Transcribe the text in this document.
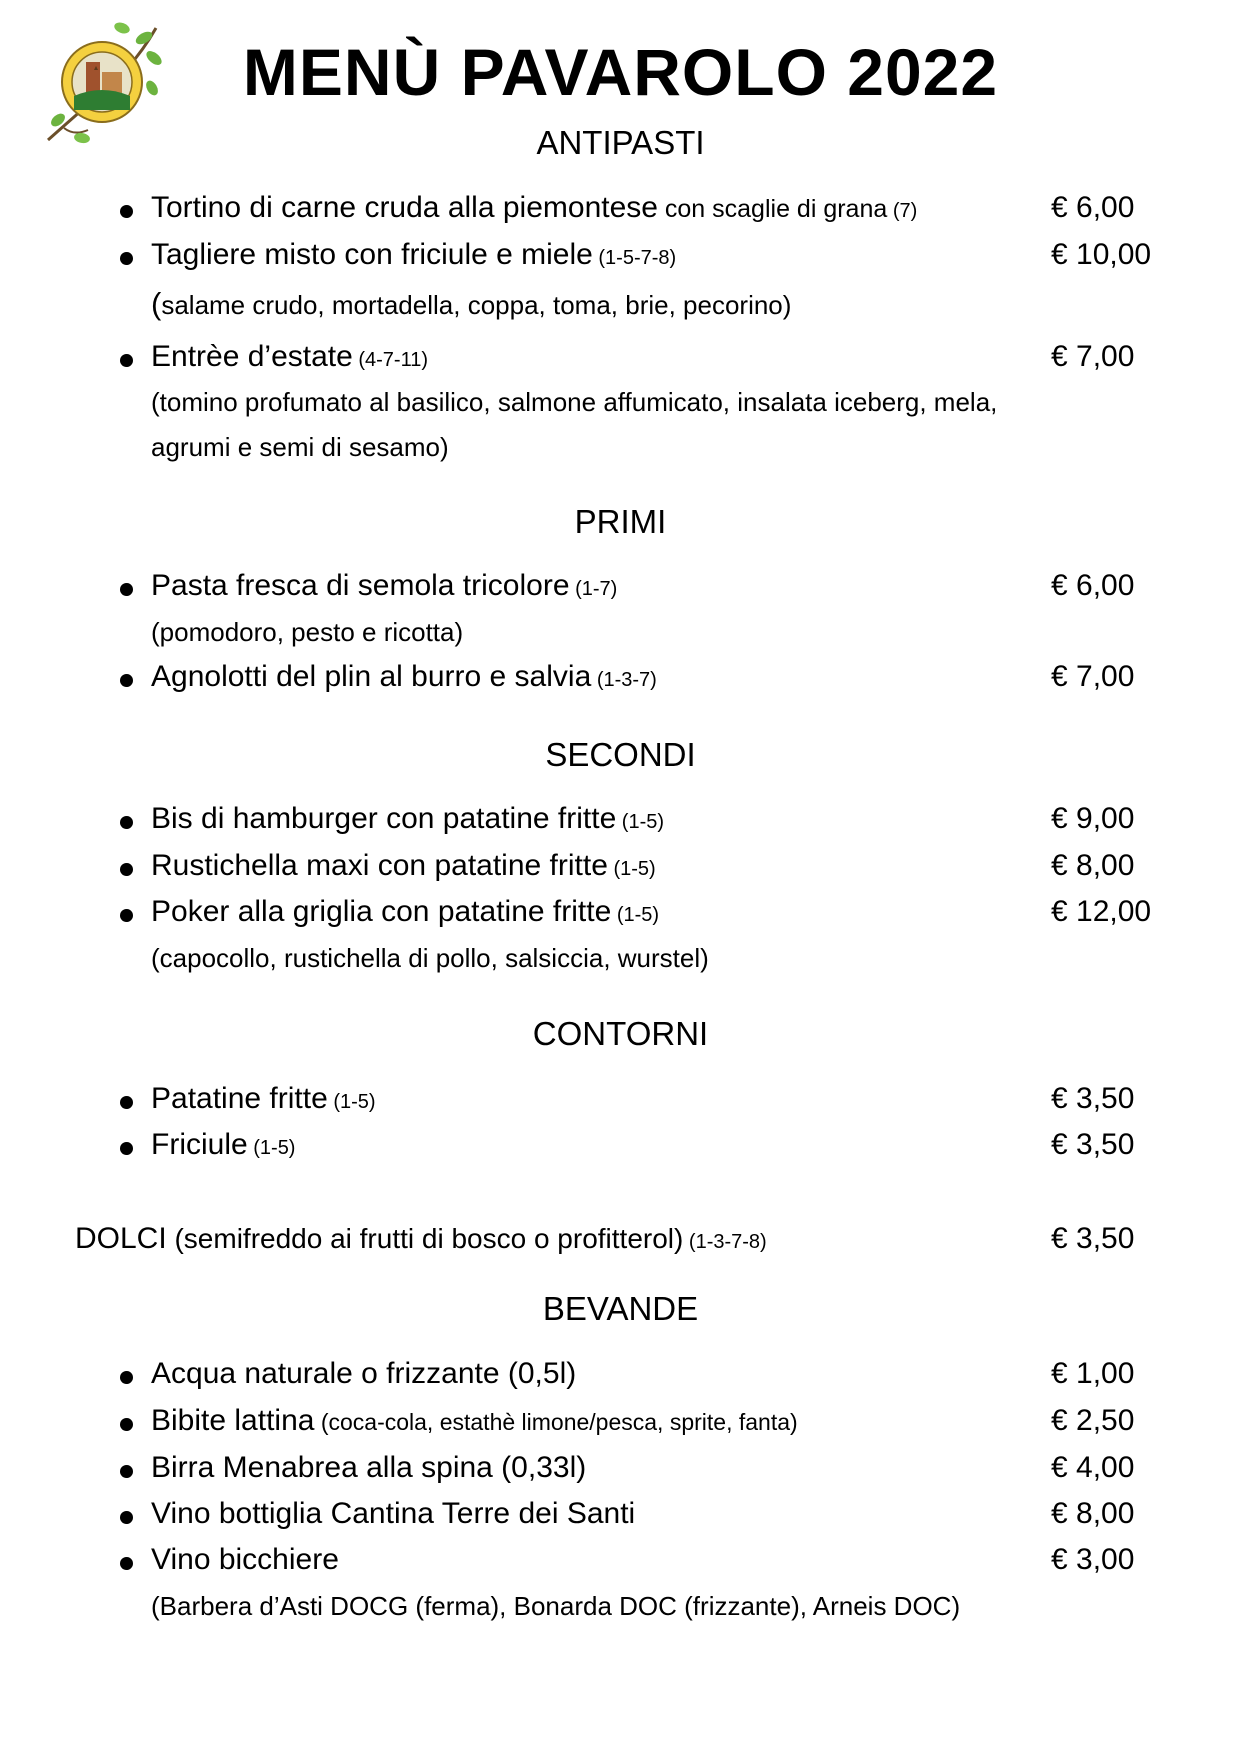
MENÙ PAVAROLO 2022
ANTIPASTI
Tortino di carne cruda alla piemontese con scaglie di grana (7)	€ 6,00
Tagliere misto con friciule e miele (1-5-7-8)	€ 10,00
(salame crudo, mortadella, coppa, toma, brie, pecorino)
Entrèe d’estate (4-7-11)	€ 7,00
(tomino profumato al basilico, salmone affumicato, insalata iceberg, mela,
agrumi e semi di sesamo)
PRIMI
Pasta fresca di semola tricolore (1-7)	€ 6,00
(pomodoro, pesto e ricotta)
Agnolotti del plin al burro e salvia (1-3-7)	€ 7,00
SECONDI
Bis di hamburger con patatine fritte (1-5)	€ 9,00
Rustichella maxi con patatine fritte (1-5)	€ 8,00
Poker alla griglia con patatine fritte (1-5)	€ 12,00
(capocollo, rustichella di pollo, salsiccia, wurstel)
CONTORNI
Patatine fritte (1-5)	€ 3,50
Friciule (1-5)	€ 3,50
DOLCI (semifreddo ai frutti di bosco o profitterol) (1-3-7-8)	€ 3,50
BEVANDE
Acqua naturale o frizzante (0,5l)	€ 1,00
Bibite lattina (coca-cola, estathè limone/pesca, sprite, fanta)	€ 2,50
Birra Menabrea alla spina (0,33l)	€ 4,00
Vino bottiglia Cantina Terre dei Santi	€ 8,00
Vino bicchiere	€ 3,00
(Barbera d’Asti DOCG (ferma), Bonarda DOC (frizzante), Arneis DOC)
